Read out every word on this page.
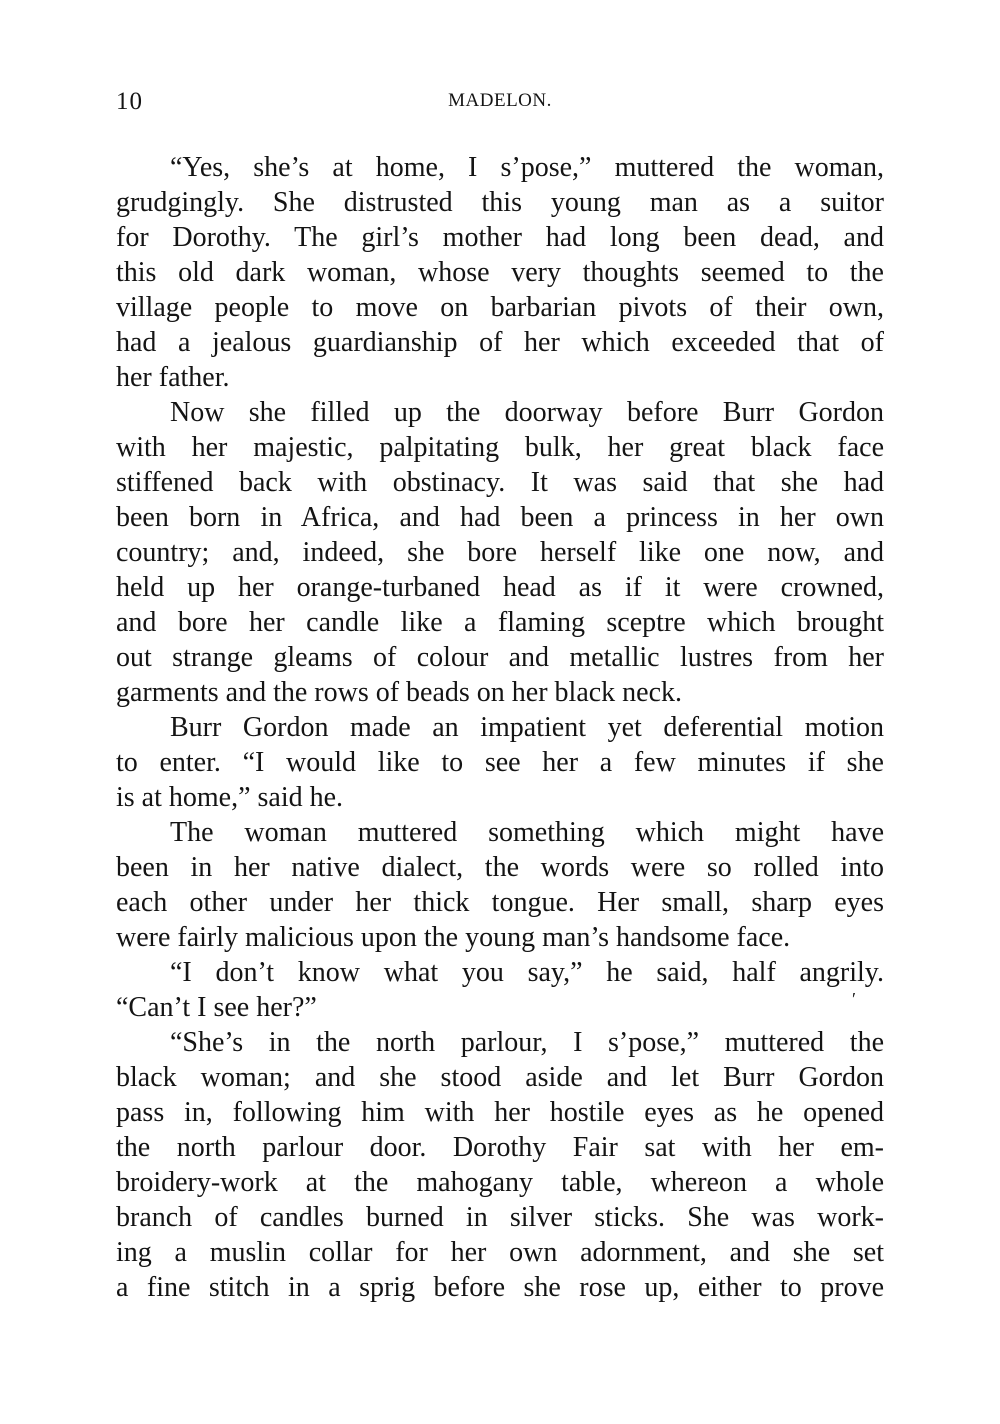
10	MADELON.
“Yes, she’s at home, I s’pose,” muttered the woman,
grudgingly. She distrusted this young man as a suitor
for Dorothy. The girl’s mother had long been dead, and
this old dark woman, whose very thoughts seemed to the
village people to move on barbarian pivots of their own,
had a jealous guardianship of her which exceeded that of
her father.
Now she filled up the doorway before Burr Gordon
with her majestic, palpitating bulk, her great black face
stiffened back with obstinacy. It was said that she had
been born in Africa, and had been a princess in her own
country; and, indeed, she bore herself like one now, and
held up her orange-turbaned head as if it were crowned,
and bore her candle like a flaming sceptre which brought
out strange gleams of colour and metallic lustres from her
garments and the rows of beads on her black neck.
Burr Gordon made an impatient yet deferential motion
to enter. “I would like to see her a few minutes if she
is at home,” said he.
The woman muttered something which might have
been in her native dialect, the words were so rolled into
each other under her thick tongue. Her small, sharp eyes
were fairly malicious upon the young man’s handsome face.
“I don’t know what you say,” he said, half angrily.
“Can’t I see her?”
“She’s in the north parlour, I s’pose,” muttered the
black woman; and she stood aside and let Burr Gordon
pass in, following him with her hostile eyes as he opened
the north parlour door. Dorothy Fair sat with her em-
broidery-work at the mahogany table, whereon a whole
branch of candles burned in silver sticks. She was work-
ing a muslin collar for her own adornment, and she set
a fine stitch in a sprig before she rose up, either to prove
′
